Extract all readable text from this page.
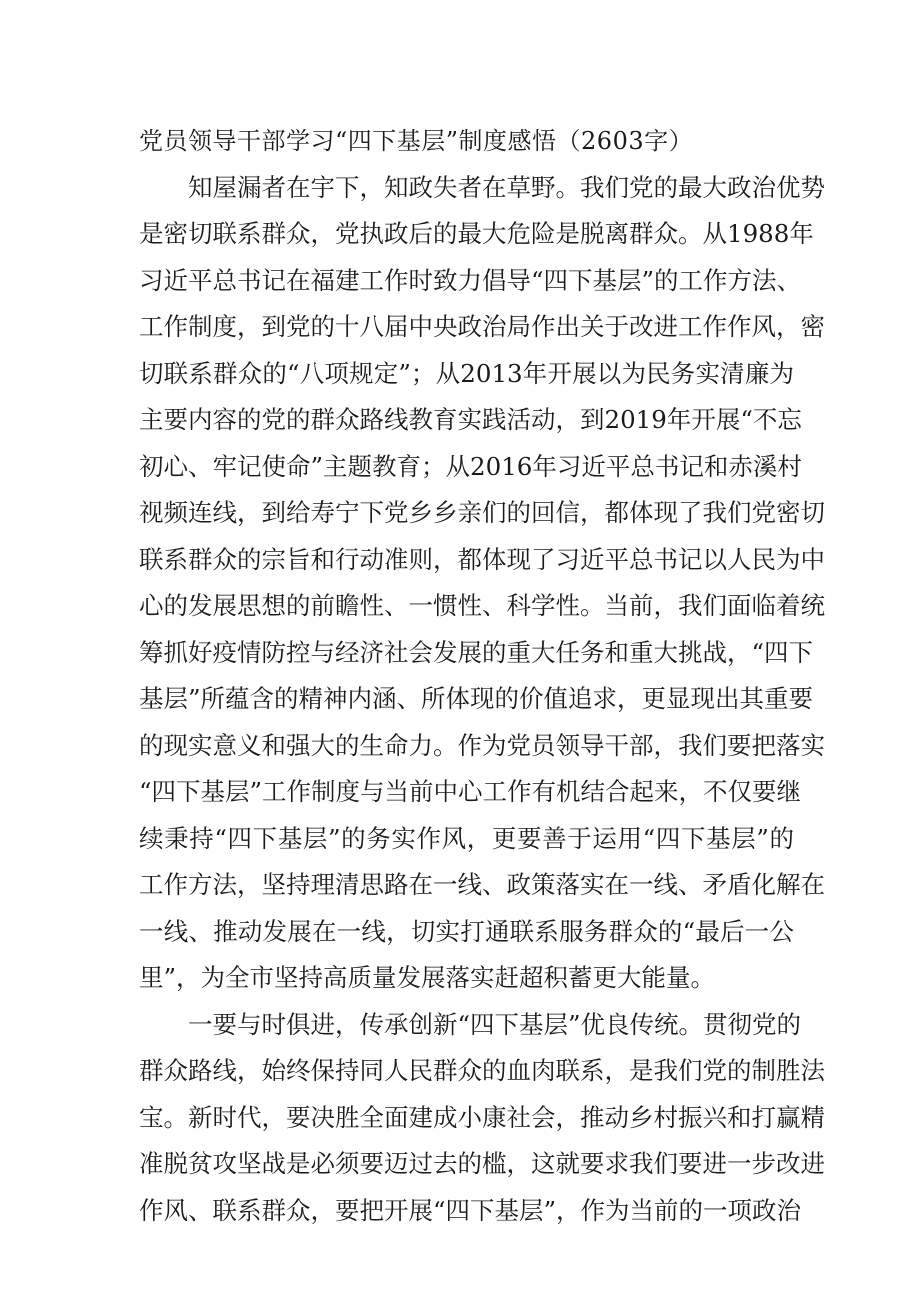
党员领导干部学习“四下基层”制度感悟（2603字）
知屋漏者在宇下，知政失者在草野。我们党的最大政治优势
是密切联系群众，党执政后的最大危险是脱离群众。从1988年
习近平总书记在福建工作时致力倡导“四下基层”的工作方法、
工作制度，到党的十八届中央政治局作出关于改进工作作风，密
切联系群众的“八项规定”；从2013年开展以为民务实清廉为
主要内容的党的群众路线教育实践活动，到2019年开展“不忘
初心、牢记使命”主题教育；从2016年习近平总书记和赤溪村
视频连线，到给寿宁下党乡乡亲们的回信，都体现了我们党密切
联系群众的宗旨和行动准则，都体现了习近平总书记以人民为中
心的发展思想的前瞻性、一惯性、科学性。当前，我们面临着统
筹抓好疫情防控与经济社会发展的重大任务和重大挑战，“四下
基层”所蕴含的精神内涵、所体现的价值追求，更显现出其重要
的现实意义和强大的生命力。作为党员领导干部，我们要把落实
“四下基层”工作制度与当前中心工作有机结合起来，不仅要继
续秉持“四下基层”的务实作风，更要善于运用“四下基层”的
工作方法，坚持理清思路在一线、政策落实在一线、矛盾化解在
一线、推动发展在一线，切实打通联系服务群众的“最后一公
里”，为全市坚持高质量发展落实赶超积蓄更大能量。
一要与时俱进，传承创新“四下基层”优良传统。贯彻党的
群众路线，始终保持同人民群众的血肉联系，是我们党的制胜法
宝。新时代，要决胜全面建成小康社会，推动乡村振兴和打赢精
准脱贫攻坚战是必须要迈过去的槛，这就要求我们要进一步改进
作风、联系群众，要把开展“四下基层”，作为当前的一项政治
